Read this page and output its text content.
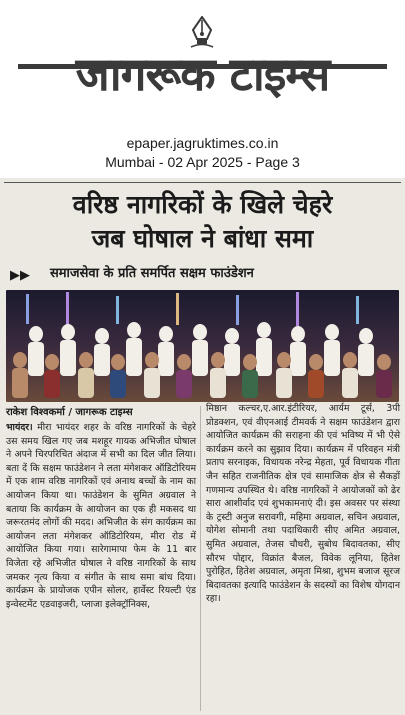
जागरूक टाइम्स
epaper.jagruktimes.co.in
Mumbai - 02 Apr 2025 - Page 3
वरिष्ठ नागरिकों के खिले चेहरे
जब घोषाल ने बांधा समा
▶▶ समाजसेवा के प्रति समर्पित सक्षम फाउंडेशन
राकेश विश्वकर्मा / जागरूक टाइम्स
भायंदर। मीरा भायंदर शहर के वरिष्ठ नागरिकों के चेहरे उस समय खिल गए जब मशहूर गायक अभिजीत घोषाल ने अपने चिरपरिचित अंदाज में सभी का दिल जीत लिया। बता दें कि सक्षम फाउंडेशन ने लता मंगेशकर ऑडिटोरियम में एक शाम वरिष्ठ नागरिकों एवं अनाथ बच्चों के नाम का आयोजन किया था। फाउंडेशन के सुमित अग्रवाल ने बताया कि कार्यक्रम के आयोजन का एक ही मकसद था जरूरतमंद लोगों की मदद। अभिजीत के संग कार्यक्रम का आयोजन लता मंगेशकर ऑडिटोरियम, मीरा रोड में आयोजित किया गया। सारेगामापा फेम के 11 बार विजेता रहे अभिजीत घोषाल ने वरिष्ठ नागरिकों के साथ जमकर नृत्य किया व संगीत के साथ समा बांध दिया। कार्यक्रम के प्रायोजक एपीन सोलर, हार्वेस्ट रियल्टी एंड इन्वेस्टमेंट एडवाइजरी, प्लाजा इलेक्ट्रॉनिक्स,
मिष्ठान कल्चर,ए.आर.इंटीरियर, आर्यम टूर्स, 3पी प्रोडक्शन, एवं वीएनआई टीमवर्क ने सक्षम फाउंडेशन द्वारा आयोजित कार्यक्रम की सराहना की एवं भविष्य में भी ऐसे कार्यक्रम करने का सुझाव दिया। कार्यक्रम में परिवहन मंत्री प्रताप सरनाइक, विधायक नरेन्द्र मेहता, पूर्व विधायक गीता जैन सहित राजनीतिक क्षेत्र एवं सामाजिक क्षेत्र से सैकड़ों गणमान्य उपस्थित थे। वरिष्ठ नागरिकों ने आयोजकों को ढेर सारा आशीर्वाद एवं शुभकामनाएं दी। इस अवसर पर संस्था के ट्रस्टी अनुज सरावगी, महिमा अग्रवाल, सचिन अग्रवाल, योगेश सोमानी तथा पदाधिकारी सीए अमित अग्रवाल, सुमित अग्रवाल, तेजस चौधरी, सुबोध बिदावतका, सीए सौरभ पोद्दार, विक्रांत बैजल, विवेक लूनिया, हितेश पुरोहित, हितेश अग्रवाल, अमृता मिश्रा, शुभम बजाज सूरज बिदावतका इत्यादि फाउंडेशन के सदस्यों का विशेष योगदान रहा।
